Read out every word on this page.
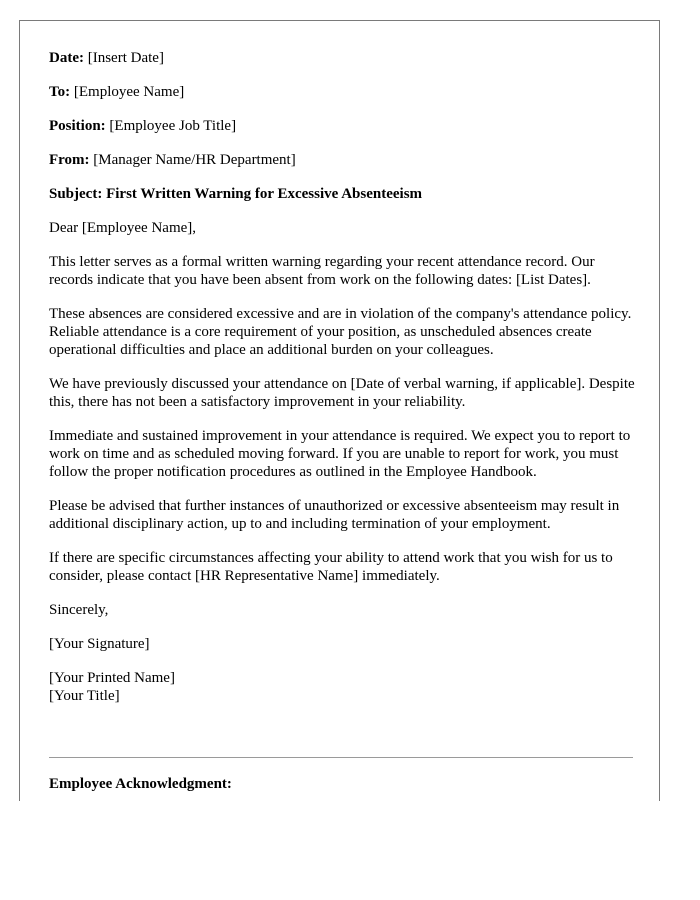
Date: [Insert Date]
To: [Employee Name]
Position: [Employee Job Title]
From: [Manager Name/HR Department]
Subject: First Written Warning for Excessive Absenteeism
Dear [Employee Name],
This letter serves as a formal written warning regarding your recent attendance record. Our records indicate that you have been absent from work on the following dates: [List Dates].
These absences are considered excessive and are in violation of the company's attendance policy. Reliable attendance is a core requirement of your position, as unscheduled absences create operational difficulties and place an additional burden on your colleagues.
We have previously discussed your attendance on [Date of verbal warning, if applicable]. Despite this, there has not been a satisfactory improvement in your reliability.
Immediate and sustained improvement in your attendance is required. We expect you to report to work on time and as scheduled moving forward. If you are unable to report for work, you must follow the proper notification procedures as outlined in the Employee Handbook.
Please be advised that further instances of unauthorized or excessive absenteeism may result in additional disciplinary action, up to and including termination of your employment.
If there are specific circumstances affecting your ability to attend work that you wish for us to consider, please contact [HR Representative Name] immediately.
Sincerely,
[Your Signature]
[Your Printed Name]
[Your Title]
Employee Acknowledgment:
